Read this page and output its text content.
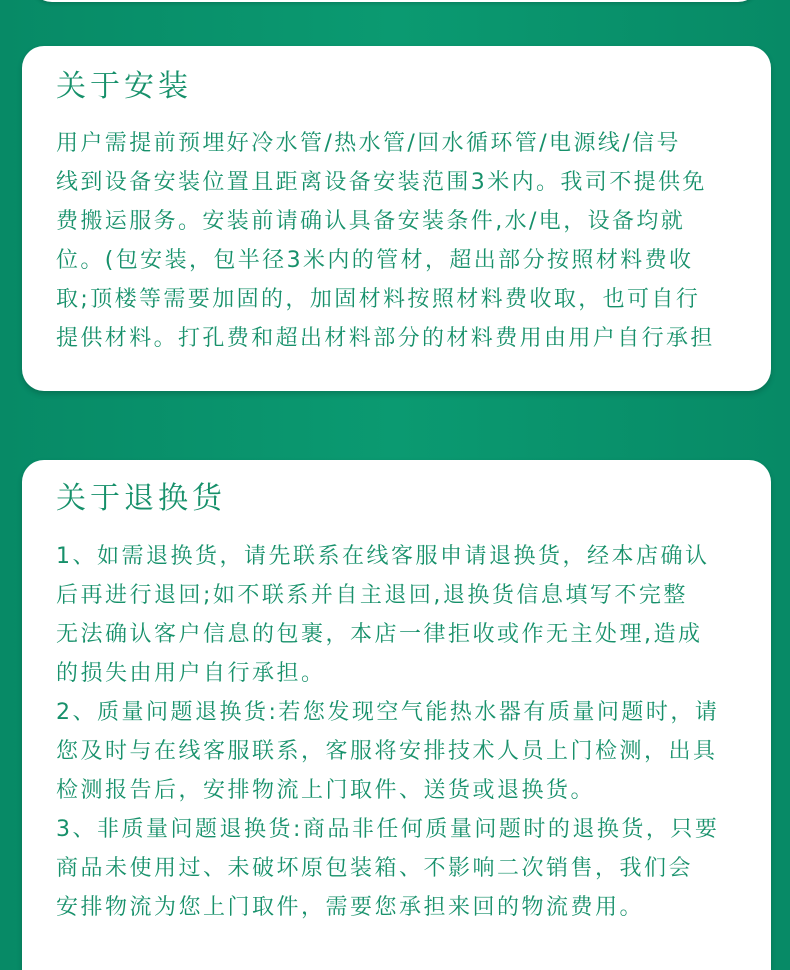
关于安装
用户需提前预埋好冷水管/热水管/回水循环管/电源线/信号
线到设备安装位置且距离设备安装范围3米内。我司不提供免
费搬运服务。安装前请确认具备安装条件,水/电，设备均就
位。(包安装，包半径3米内的管材，超出部分按照材料费收
取;顶楼等需要加固的，加固材料按照材料费收取，也可自行
提供材料。打孔费和超出材料部分的材料费用由用户自行承担
关于退换货
1、如需退换货，请先联系在线客服申请退换货，经本店确认
后再进行退回;如不联系并自主退回,退换货信息填写不完整
无法确认客户信息的包裹，本店一律拒收或作无主处理,造成
的损失由用户自行承担。
2、质量问题退换货:若您发现空气能热水器有质量问题时，请
您及时与在线客服联系，客服将安排技术人员上门检测，出具
检测报告后，安排物流上门取件、送货或退换货。
3、非质量问题退换货:商品非任何质量问题时的退换货，只要
商品未使用过、未破坏原包装箱、不影响二次销售，我们会
安排物流为您上门取件，需要您承担来回的物流费用。
